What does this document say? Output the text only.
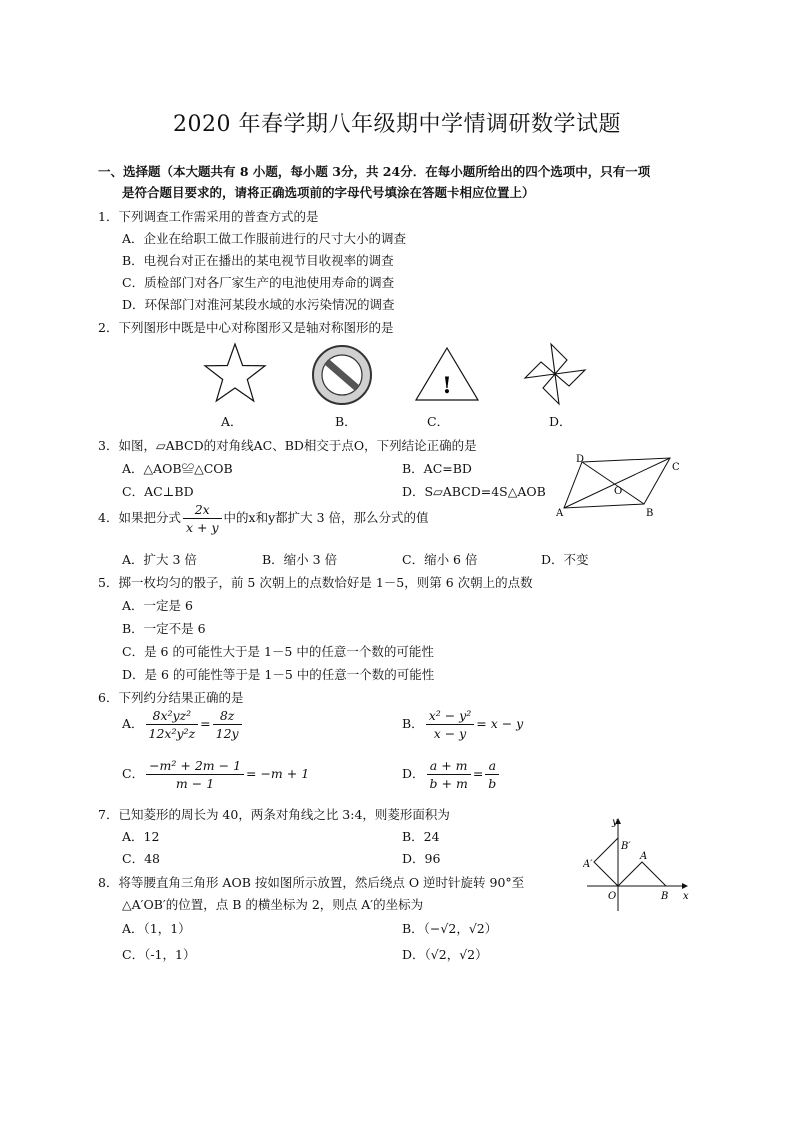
2020 年春学期八年级期中学情调研数学试题
一、选择题（本大题共有 8 小题，每小题 3分，共 24分．在每小题所给出的四个选项中，只有一项
是符合题目要求的，请将正确选项前的字母代号填涂在答题卡相应位置上）
1．下列调查工作需采用的普查方式的是
A．企业在给职工做工作服前进行的尺寸大小的调查
B．电视台对正在播出的某电视节目收视率的调查
C．质检部门对各厂家生产的电池使用寿命的调查
D．环保部门对淮河某段水域的水污染情况的调查
2．下列图形中既是中心对称图形又是轴对称图形的是
!
A．	B．	C．	D．
3．如图，▱ABCD的对角线AC、BD相交于点O，下列结论正确的是
A．△AOB≌△COB	B．AC=BD
C．AC⊥BD	D．S▱ABCD=4S△AOB
D
C
A	B
O
4．如果把分式 $\frac{2x}{x + y}$ 中的x和y都扩大 3 倍，那么分式的值
A．扩大 3 倍	B．缩小 3 倍	C．缩小 6 倍	D．不变
5．掷一枚均匀的骰子，前 5 次朝上的点数恰好是 1－5，则第 6 次朝上的点数
A．一定是 6
B．一定不是 6
C．是 6 的可能性大于是 1－5 中的任意一个数的可能性
D．是 6 的可能性等于是 1－5 中的任意一个数的可能性
6．下列约分结果正确的是
A． $\frac{\text{8x²yz²}}{\text{12x²y²z}} = \frac{8z}{12y}$	B． $\frac{\text{x² − y²}}{x - y} = x - y$
C． $\frac{\text{−m² + 2m − 1}}{m - 1} = -m + 1$	D． $\frac{a + m}{b + m} = \frac{a}{b}$
7．已知菱形的周长为 40，两条对角线之比 3:4，则菱形面积为
A．12	B．24
C．48	D．96
8．将等腰直角三角形 AOB 按如图所示放置，然后绕点 O 逆时针旋转 90°至
△A′OB′的位置，点 B 的横坐标为 2，则点 A′的坐标为
A．（1，1）	B．（−√2，√2）
C．（-1，1）	D．（√2，√2）
y
x
O
A
B
A′
B′
